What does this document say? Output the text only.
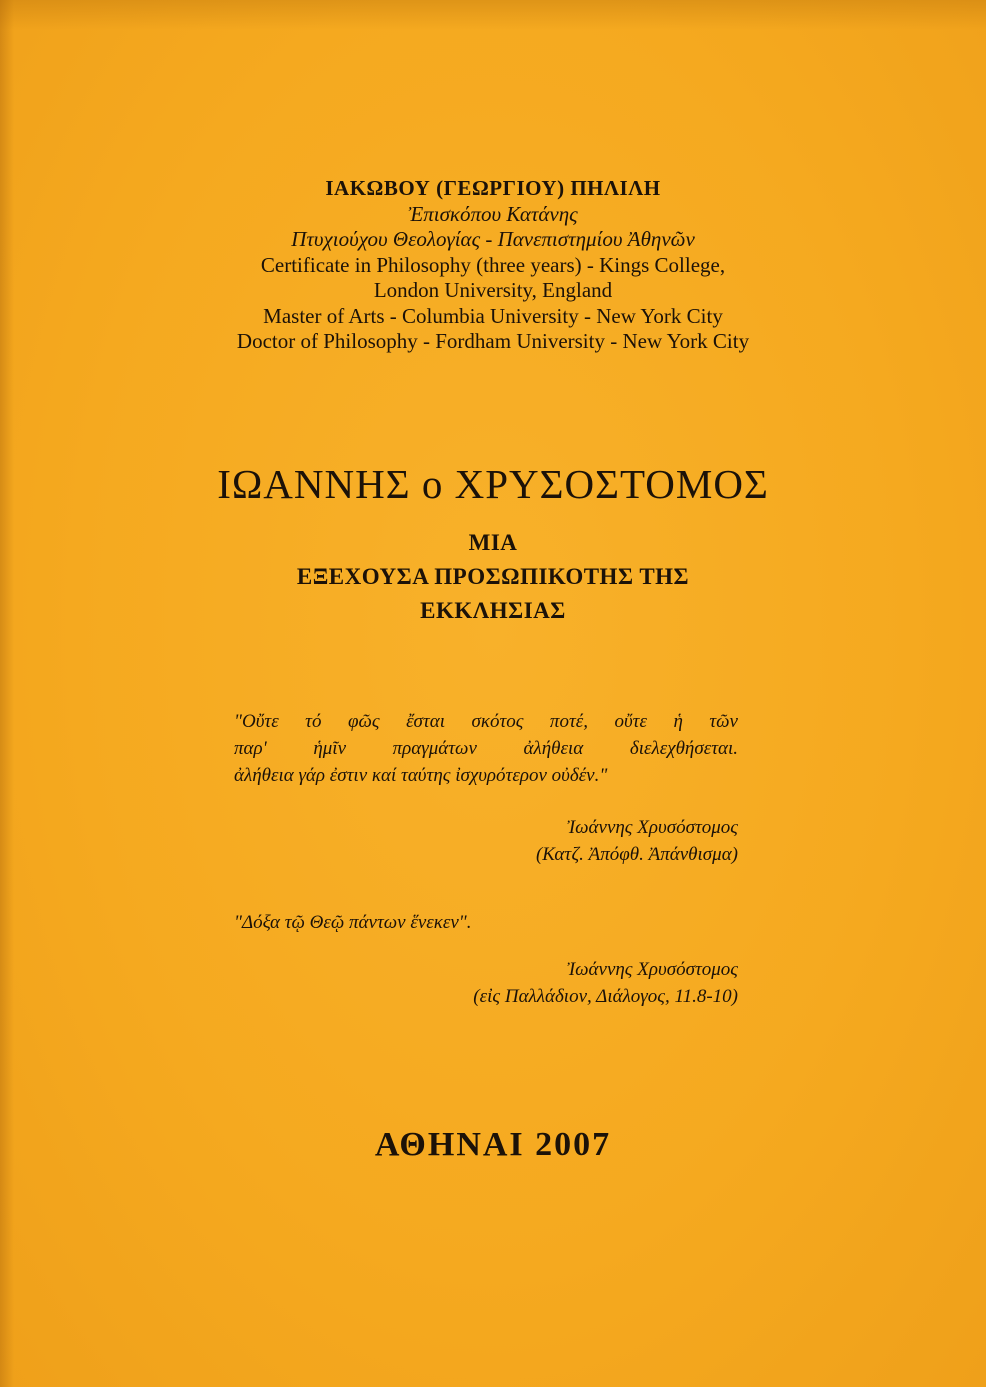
ΙΑΚΩΒΟΥ (ΓΕΩΡΓΙΟΥ) ΠΗΛΙΛΗ
Ἐπισκόπου Κατάνης
Πτυχιούχου Θεολογίας - Πανεπιστημίου Ἀθηνῶν
Certificate in Philosophy (three years) - Kings College,
London University, England
Master of Arts - Columbia University - New York City
Doctor of Philosophy - Fordham University - New York City
ΙΩΑΝΝΗΣ ο ΧΡΥΣΟΣΤΟΜΟΣ
ΜΙΑ
ΕΞΕΧΟΥΣΑ ΠΡΟΣΩΠΙΚΟΤΗΣ ΤΗΣ
ΕΚΚΛΗΣΙΑΣ
"Οὔτε τό φῶς ἔσται σκότος ποτέ, οὔτε ἡ τῶν
παρ' ἡμῖν πραγμάτων ἀλήθεια διελεχθήσεται.
ἀλήθεια γάρ ἐστιν καί ταύτης ἰσχυρότερον οὐδέν."
Ἰωάννης Χρυσόστομος
(Κατζ. Ἀπόφθ. Ἀπάνθισμα)
"Δόξα τῷ Θεῷ πάντων ἕνεκεν".
Ἰωάννης Χρυσόστομος
(εἰς Παλλάδιον, Διάλογος, 11.8-10)
ΑΘΗΝΑΙ 2007
